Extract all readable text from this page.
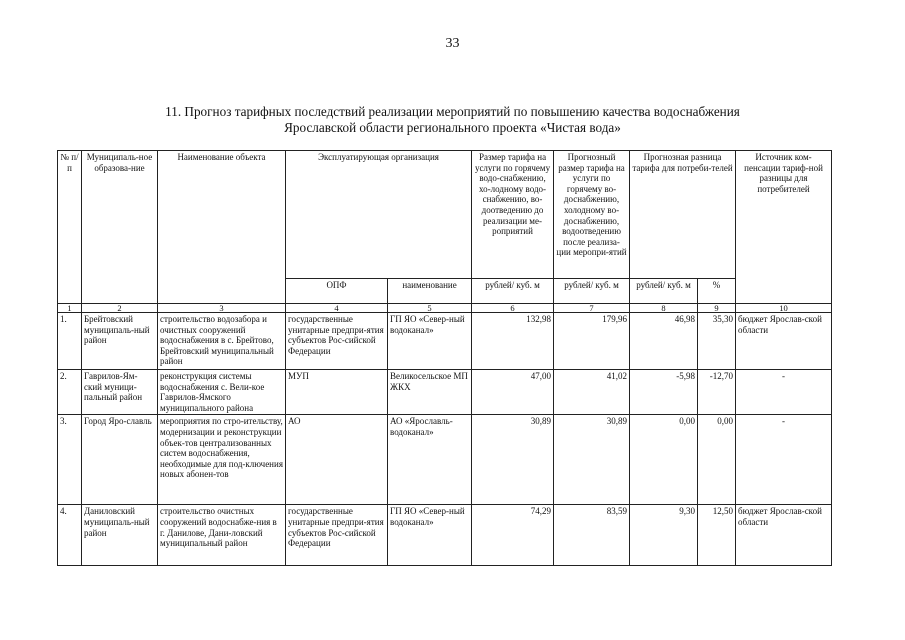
33
11. Прогноз тарифных последствий реализации мероприятий по повышению качества водоснабжения
Ярославской области регионального проекта «Чистая вода»
№ п/п	Муниципаль-ное образова-ние	Наименование объекта	Эксплуатирующая организация		Размер тарифа на услуги по горячему водо-снабжению, хо-лодному водо-снабжению, во-доотведению до реализации ме-роприятий	Прогнозный размер тарифа на услуги по горячему во-доснабжению, холодному во-доснабжению, водоотведению после реализа-ции меропри-ятий	Прогнозная разница тарифа для потреби-телей		Источник ком-пенсации тариф-ной разницы для потребителей
			ОПФ	наименование	рублей/ куб. м	рублей/ куб. м	рублей/ куб. м	%	
1	2	3	4	5	6	7	8	9	10
1.	Брейтовский муниципаль-ный район	строительство водозабора и очистных сооружений водоснабжения в с. Брейтово, Брейтовский муниципальный район	государственные унитарные предпри-ятия субъектов Рос-сийской Федерации	ГП ЯО «Север-ный водоканал»	132,98	179,96	46,98	35,30	бюджет Ярослав-ской области
2.	Гаврилов-Ям-ский муници-пальный район	реконструкция системы водоснабжения с. Вели-кое Гаврилов-Ямского муниципального района	МУП	Великосельское МП ЖКХ	47,00	41,02	-5,98	-12,70	-
3.	Город Яро-славль	мероприятия по стро-ительству, модернизации и реконструкции объек-тов централизованных систем водоснабжения, необходимые для под-ключения новых абонен-тов	АО	АО «Ярославль-водоканал»	30,89	30,89	0,00	0,00	-
4.	Даниловский муниципаль-ный район	строительство очистных сооружений водоснабже-ния в г. Данилове, Дани-ловский муниципальный район	государственные унитарные предпри-ятия субъектов Рос-сийской Федерации	ГП ЯО «Север-ный водоканал»	74,29	83,59	9,30	12,50	бюджет Ярослав-ской области
